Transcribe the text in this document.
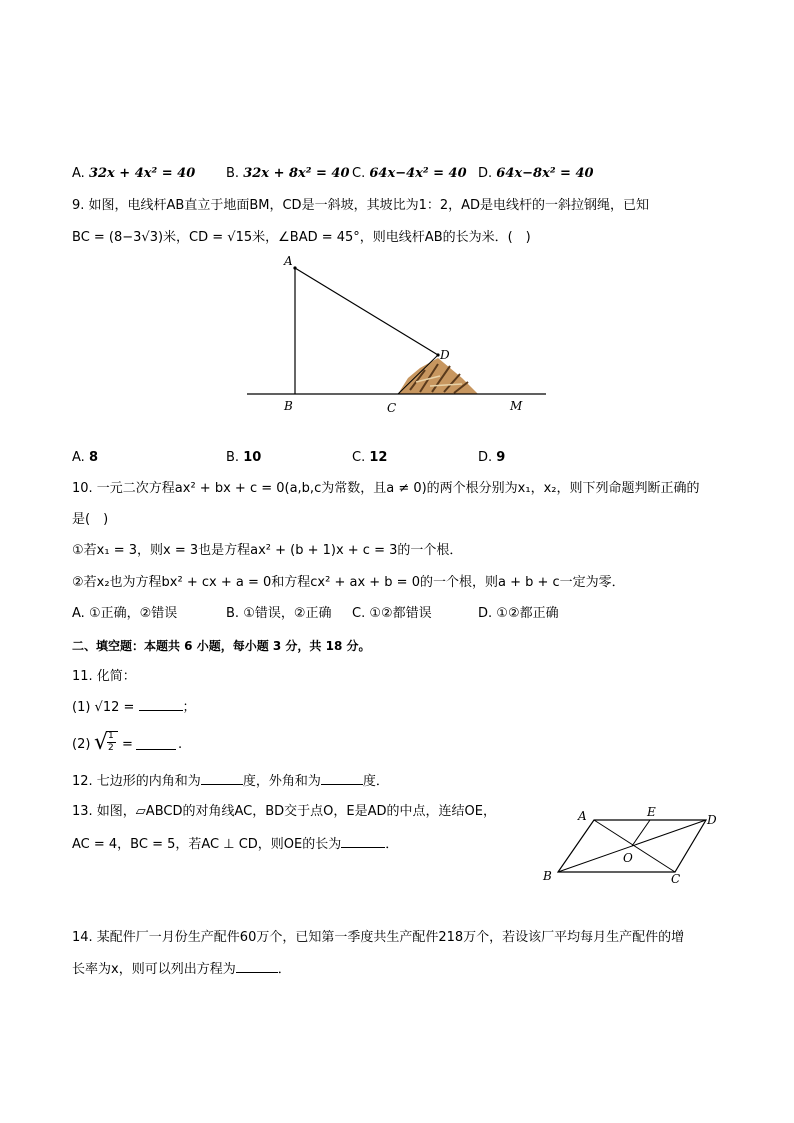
A. 32x + 4x² = 40 B. 32x + 8x² = 40 C. 64x−4x² = 40 D. 64x−8x² = 40
9. 如图，电线杆AB直立于地面BM，CD是一斜坡，其坡比为1：2，AD是电线杆的一斜拉钢绳，已知
BC = (8−3√3)米，CD = √15米，∠BAD = 45°，则电线杆AB的长为米．(　)
A
D
B	C	M
A. 8	B. 10	C. 12	D. 9
10. 一元二次方程ax² + bx + c = 0(a,b,c为常数，且a ≠ 0)的两个根分别为x₁，x₂，则下列命题判断正确的
是(　)
①若x₁ = 3，则x = 3也是方程ax² + (b + 1)x + c = 3的一个根．
②若x₂也为方程bx² + cx + a = 0和方程cx² + ax + b = 0的一个根，则a + b + c一定为零．
A. ①正确，②错误	B. ①错误，②正确 C. ①②都错误	D. ①②都正确
二、填空题：本题共 6 小题，每小题 3 分，共 18 分。
11. 化简：
(1) √12 =	；
(2) √ 1
2 =	.
12. 七边形的内角和为	度，外角和为	度．
13. 如图，▱ABCD的对角线AC，BD交于点O，E是AD的中点，连结OE，
AC = 4，BC = 5，若AC ⊥ CD，则OE的长为	．
A	E
D
O
B	C
14. 某配件厂一月份生产配件60万个，已知第一季度共生产配件218万个，若设该厂平均每月生产配件的增
长率为x，则可以列出方程为	．
